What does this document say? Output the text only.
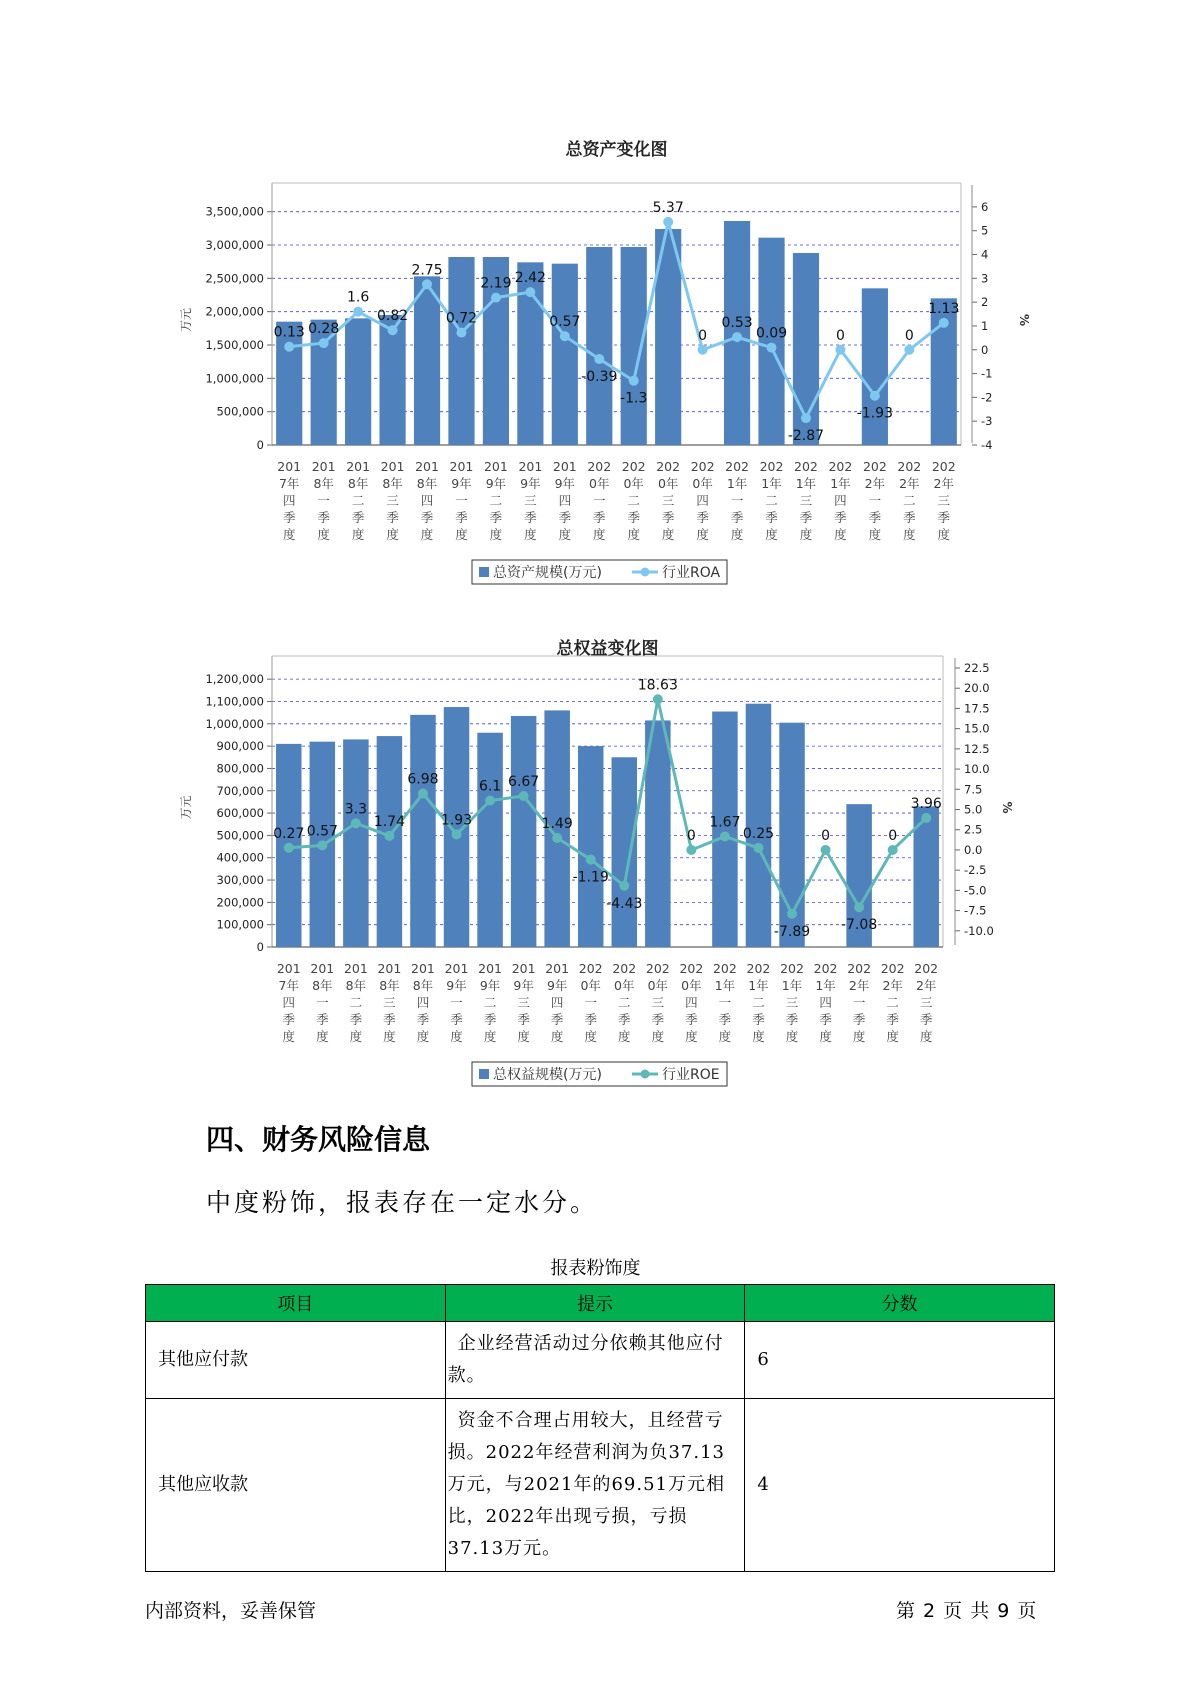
总资产变化图
0
500,000
1,000,000
1,500,000
2,000,000
2,500,000
3,000,000
3,500,000
-4
-3
-2
-1
0
1
2
3
4
5
6
万元	%
0.13 0.28
1.6
0.82
2.75
0.72
2.19 2.42
0.57
-0.39
-1.3
5.37
0
0.53
0.09
-2.87
0
-1.93
0
1.13
201 7年四季度
201 8年一季度
201 8年二季度
201 8年三季度
201 8年四季度
201 9年一季度
201 9年二季度
201 9年三季度
201 9年四季度
202 0年一季度
202 0年二季度
202 0年三季度
202 0年四季度
202 1年一季度
202 1年二季度
202 1年三季度
202 1年四季度
202 2年一季度
202 2年二季度
202 2年三季度
总资产规模(万元)	行业ROA
总权益变化图
0
100,000
200,000
300,000
400,000
500,000
600,000
700,000
800,000
900,000
1,000,000
1,100,000
1,200,000
-10.0
-7.5
-5.0
-2.5
0.0
2.5
5.0
7.5
10.0
12.5
15.0
17.5
20.0
22.5
万元	%
0.27 0.57
3.3
1.74
6.98
1.93
6.1 6.67
1.49
-1.19
-4.43
18.63
0
1.67
0.25
-7.89
0
-7.08
0
3.96
201 7年四季度
201 8年一季度
201 8年二季度
201 8年三季度
201 8年四季度
201 9年一季度
201 9年二季度
201 9年三季度
201 9年四季度
202 0年一季度
202 0年二季度
202 0年三季度
202 0年四季度
202 1年一季度
202 1年二季度
202 1年三季度
202 1年四季度
202 2年一季度
202 2年二季度
202 2年三季度
总权益规模(万元)	行业ROE
四、财务风险信息
中度粉饰，报表存在一定水分。
报表粉饰度
项目	提示	分数
其他应付款	企业经营活动过分依赖其他应付款。	6
其他应收款	资金不合理占用较大，且经营亏损。2022年经营利润为负37.13万元，与2021年的69.51万元相比，2022年出现亏损，亏损37.13万元。	4
内部资料，妥善保管	第 2 页 共 9 页
